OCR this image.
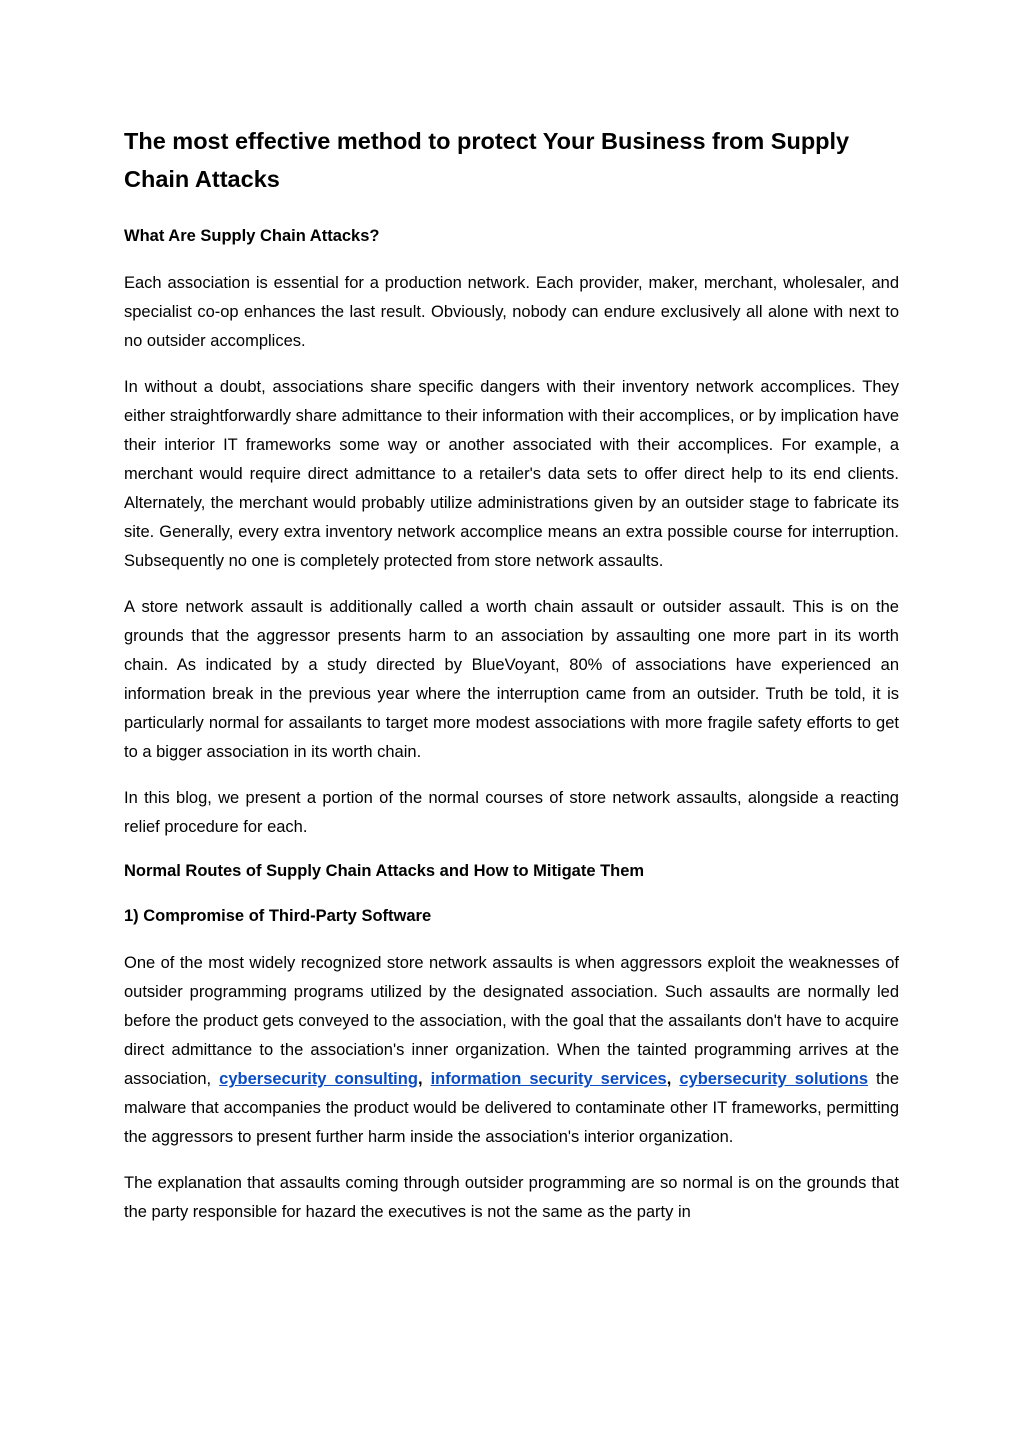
The most effective method to protect Your Business from Supply Chain Attacks
What Are Supply Chain Attacks?

Each association is essential for a production network. Each provider, maker, merchant, wholesaler, and specialist co-op enhances the last result. Obviously, nobody can endure exclusively all alone with next to no outsider accomplices.

In without a doubt, associations share specific dangers with their inventory network accomplices. They either straightforwardly share admittance to their information with their accomplices, or by implication have their interior IT frameworks some way or another associated with their accomplices. For example, a merchant would require direct admittance to a retailer's data sets to offer direct help to its end clients. Alternately, the merchant would probably utilize administrations given by an outsider stage to fabricate its site. Generally, every extra inventory network accomplice means an extra possible course for interruption. Subsequently no one is completely protected from store network assaults.

A store network assault is additionally called a worth chain assault or outsider assault. This is on the grounds that the aggressor presents harm to an association by assaulting one more part in its worth chain. As indicated by a study directed by BlueVoyant, 80% of associations have experienced an information break in the previous year where the interruption came from an outsider. Truth be told, it is particularly normal for assailants to target more modest associations with more fragile safety efforts to get to a bigger association in its worth chain.

In this blog, we present a portion of the normal courses of store network assaults, alongside a reacting relief procedure for each.

Normal Routes of Supply Chain Attacks and How to Mitigate Them
1) Compromise of Third-Party Software

One of the most widely recognized store network assaults is when aggressors exploit the weaknesses of outsider programming programs utilized by the designated association. Such assaults are normally led before the product gets conveyed to the association, with the goal that the assailants don't have to acquire direct admittance to the association's inner organization. When the tainted programming arrives at the association, cybersecurity consulting, information security services, cybersecurity solutions the malware that accompanies the product would be delivered to contaminate other IT frameworks, permitting the aggressors to present further harm inside the association's interior organization.

The explanation that assaults coming through outsider programming are so normal is on the grounds that the party responsible for hazard the executives is not the same as the party in
